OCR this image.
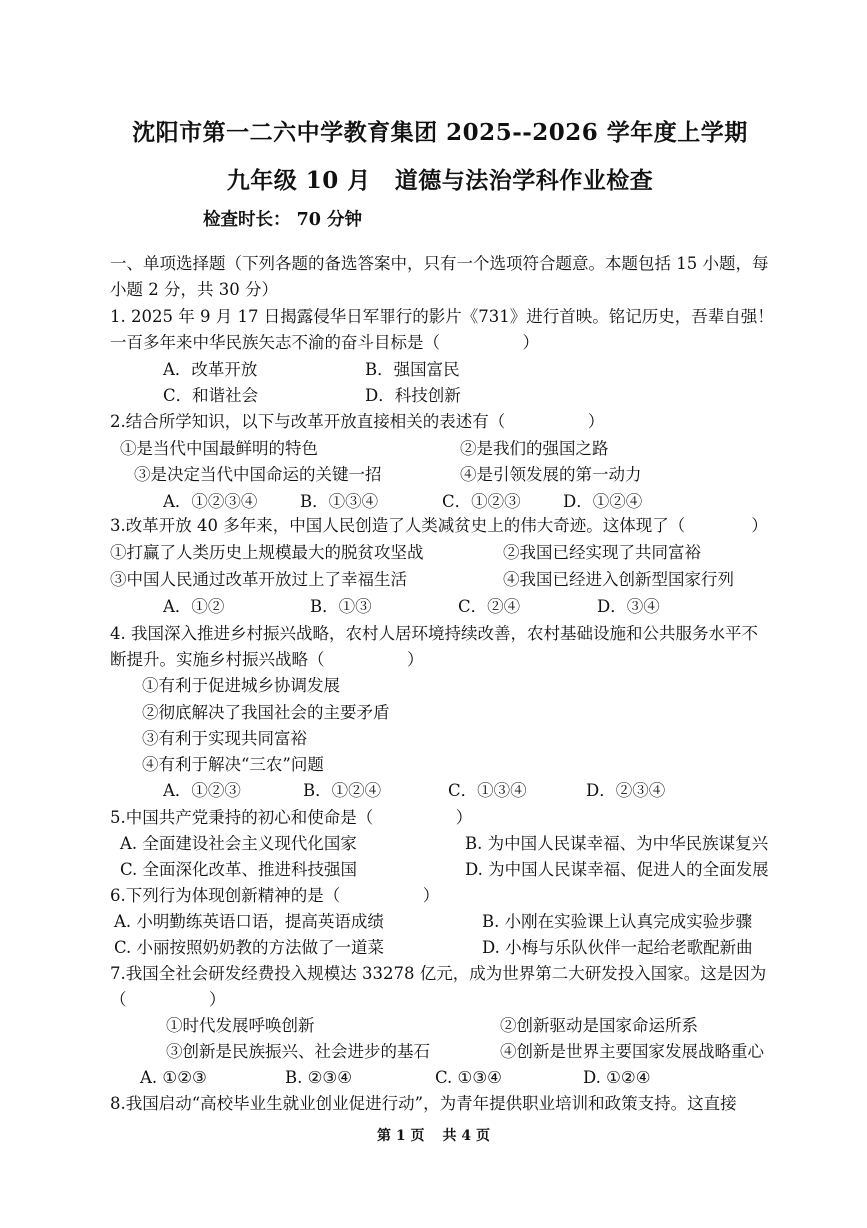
沈阳市第一二六中学教育集团 2025--2026 学年度上学期
九年级 10 月 道德与法治学科作业检查
检查时长： 70 分钟
一、单项选择题（下列各题的备选答案中，只有一个选项符合题意。本题包括 15 小题，每
小题 2 分，共 30 分）
1. 2025 年 9 月 17 日揭露侵华日军罪行的影片《731》进行首映。铭记历史，吾辈自强！
一百多年来中华民族矢志不渝的奋斗目标是（　　　　　）
A．改革开放	B．强国富民
C．和谐社会	D．科技创新
2.结合所学知识，以下与改革开放直接相关的表述有（　　　　　）
①是当代中国最鲜明的特色	②是我们的强国之路
③是决定当代中国命运的关键一招	④是引领发展的第一动力
A．①②③④	B．①③④	C．①②③	D．①②④
3.改革开放 40 多年来，中国人民创造了人类减贫史上的伟大奇迹。这体现了（　　　　）
①打赢了人类历史上规模最大的脱贫攻坚战	②我国已经实现了共同富裕
③中国人民通过改革开放过上了幸福生活	④我国已经进入创新型国家行列
A．①②	B．①③	C．②④	D．③④
4. 我国深入推进乡村振兴战略，农村人居环境持续改善，农村基础设施和公共服务水平不
断提升。实施乡村振兴战略（　　　　　）
①有利于促进城乡协调发展
②彻底解决了我国社会的主要矛盾
③有利于实现共同富裕
④有利于解决“三农”问题
A．①②③	B．①②④	C．①③④	D．②③④
5.中国共产党秉持的初心和使命是（　　　　　）
A. 全面建设社会主义现代化国家	B. 为中国人民谋幸福、为中华民族谋复兴
C. 全面深化改革、推进科技强国	D. 为中国人民谋幸福、促进人的全面发展
6.下列行为体现创新精神的是（　　　　　）
A. 小明勤练英语口语，提高英语成绩	B. 小刚在实验课上认真完成实验步骤
C. 小丽按照奶奶教的方法做了一道菜	D. 小梅与乐队伙伴一起给老歌配新曲
7.我国全社会研发经费投入规模达 33278 亿元，成为世界第二大研发投入国家。这是因为
（　　　　　）
①时代发展呼唤创新	②创新驱动是国家命运所系
③创新是民族振兴、社会进步的基石	④创新是世界主要国家发展战略重心
A. ①②③	B. ②③④	C. ①③④	D. ①②④
8.我国启动“高校毕业生就业创业促进行动”，为青年提供职业培训和政策支持。这直接
第 1 页 共 4 页
